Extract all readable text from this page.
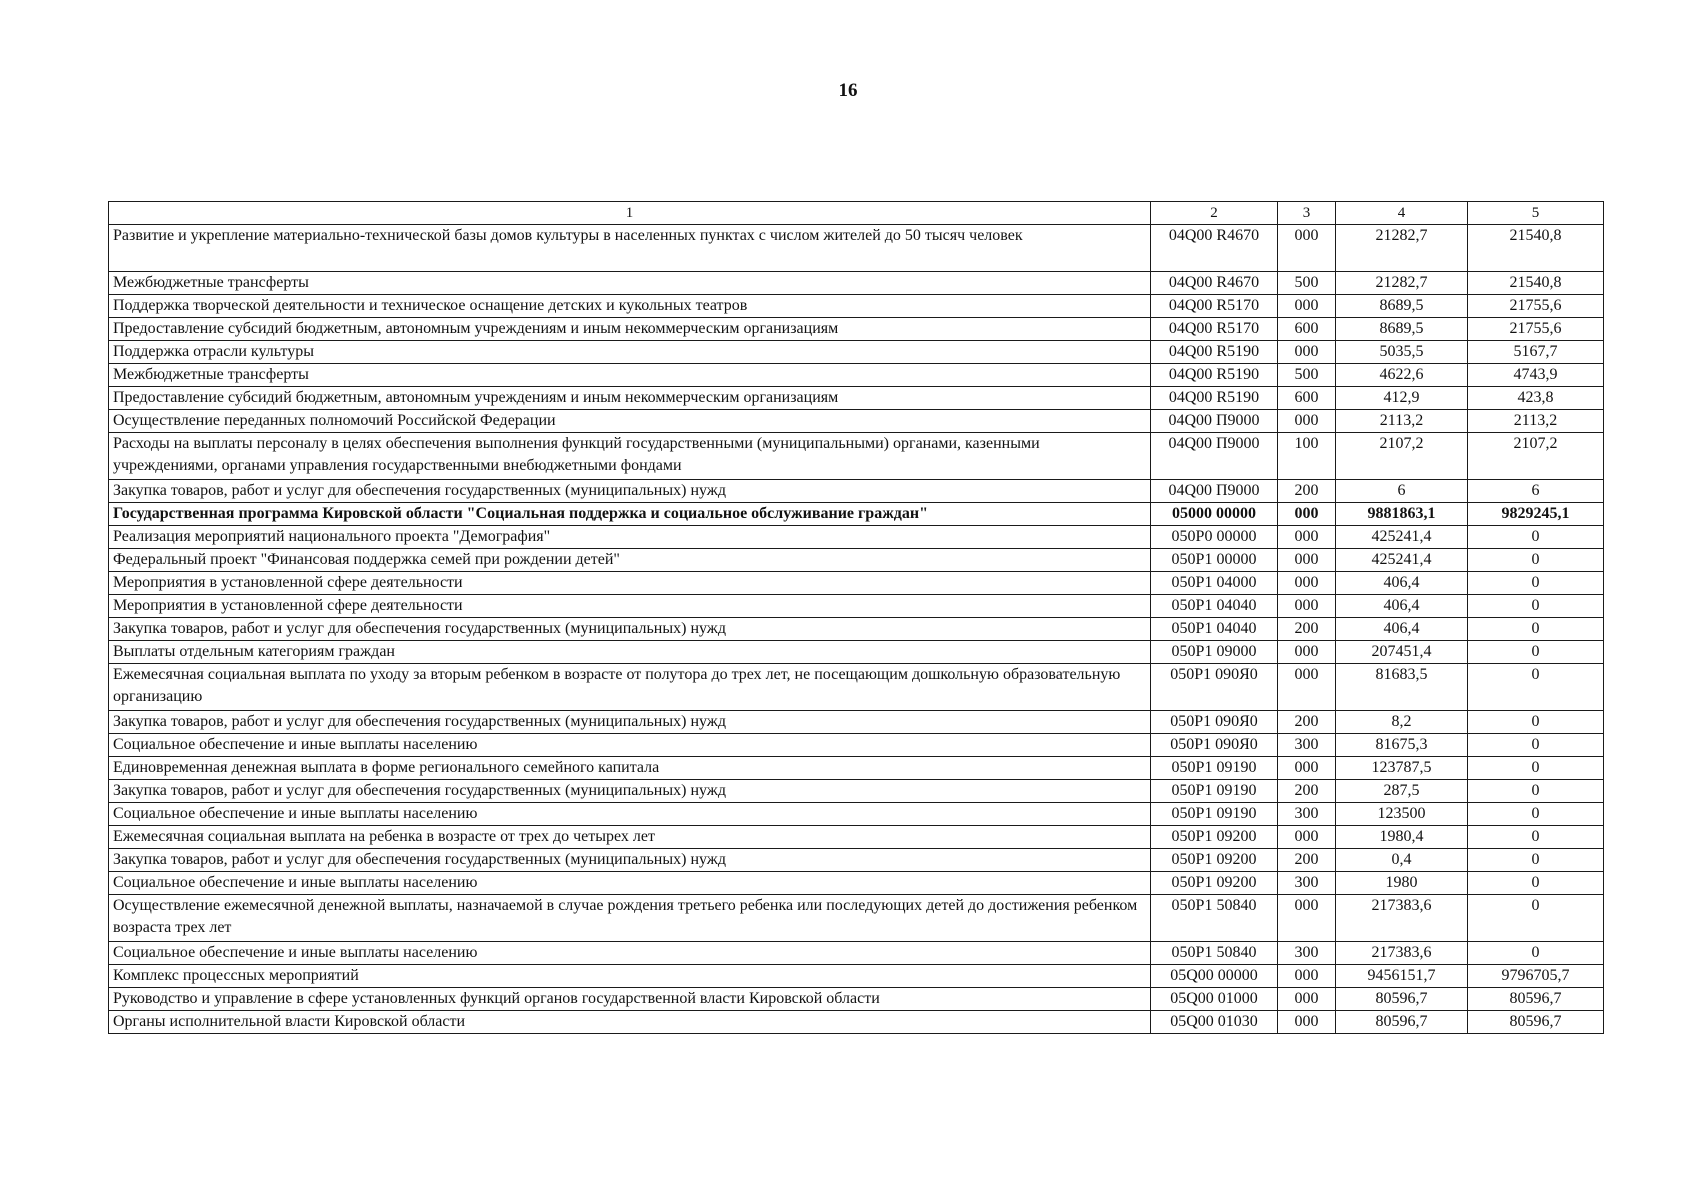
16
1	2	3	4	5
Развитие и укрепление материально-технической базы домов культуры в населенных пунктах с числом жителей до 50 тысяч человек	04Q00 R4670	000	21282,7	21540,8
Межбюджетные трансферты	04Q00 R4670	500	21282,7	21540,8
Поддержка творческой деятельности и техническое оснащение детских и кукольных театров	04Q00 R5170	000	8689,5	21755,6
Предоставление субсидий бюджетным, автономным учреждениям и иным некоммерческим организациям	04Q00 R5170	600	8689,5	21755,6
Поддержка отрасли культуры	04Q00 R5190	000	5035,5	5167,7
Межбюджетные трансферты	04Q00 R5190	500	4622,6	4743,9
Предоставление субсидий бюджетным, автономным учреждениям и иным некоммерческим организациям	04Q00 R5190	600	412,9	423,8
Осуществление переданных полномочий Российской Федерации	04Q00 П9000	000	2113,2	2113,2
Расходы на выплаты персоналу в целях обеспечения выполнения функций государственными (муниципальными) органами, казенными учреждениями, органами управления государственными внебюджетными фондами	04Q00 П9000	100	2107,2	2107,2
Закупка товаров, работ и услуг для обеспечения государственных (муниципальных) нужд	04Q00 П9000	200	6	6
Государственная программа Кировской области "Социальная поддержка и социальное обслуживание граждан"	05000 00000	000	9881863,1	9829245,1
Реализация мероприятий национального проекта "Демография"	050P0 00000	000	425241,4	0
Федеральный проект "Финансовая поддержка семей при рождении детей"	050P1 00000	000	425241,4	0
Мероприятия в установленной сфере деятельности	050P1 04000	000	406,4	0
Мероприятия в установленной сфере деятельности	050P1 04040	000	406,4	0
Закупка товаров, работ и услуг для обеспечения государственных (муниципальных) нужд	050P1 04040	200	406,4	0
Выплаты отдельным категориям граждан	050P1 09000	000	207451,4	0
Ежемесячная социальная выплата по уходу за вторым ребенком в возрасте от полутора до трех лет, не посещающим дошкольную образовательную организацию	050P1 090Я0	000	81683,5	0
Закупка товаров, работ и услуг для обеспечения государственных (муниципальных) нужд	050P1 090Я0	200	8,2	0
Социальное обеспечение и иные выплаты населению	050P1 090Я0	300	81675,3	0
Единовременная денежная выплата в форме регионального семейного капитала	050P1 09190	000	123787,5	0
Закупка товаров, работ и услуг для обеспечения государственных (муниципальных) нужд	050P1 09190	200	287,5	0
Социальное обеспечение и иные выплаты населению	050P1 09190	300	123500	0
Ежемесячная социальная выплата на ребенка в возрасте от трех до четырех лет	050P1 09200	000	1980,4	0
Закупка товаров, работ и услуг для обеспечения государственных (муниципальных) нужд	050P1 09200	200	0,4	0
Социальное обеспечение и иные выплаты населению	050P1 09200	300	1980	0
Осуществление ежемесячной денежной выплаты, назначаемой в случае рождения третьего ребенка или последующих детей до достижения ребенком возраста трех лет	050P1 50840	000	217383,6	0
Социальное обеспечение и иные выплаты населению	050P1 50840	300	217383,6	0
Комплекс процессных мероприятий	05Q00 00000	000	9456151,7	9796705,7
Руководство и управление в сфере установленных функций органов государственной власти Кировской области	05Q00 01000	000	80596,7	80596,7
Органы исполнительной власти Кировской области	05Q00 01030	000	80596,7	80596,7
